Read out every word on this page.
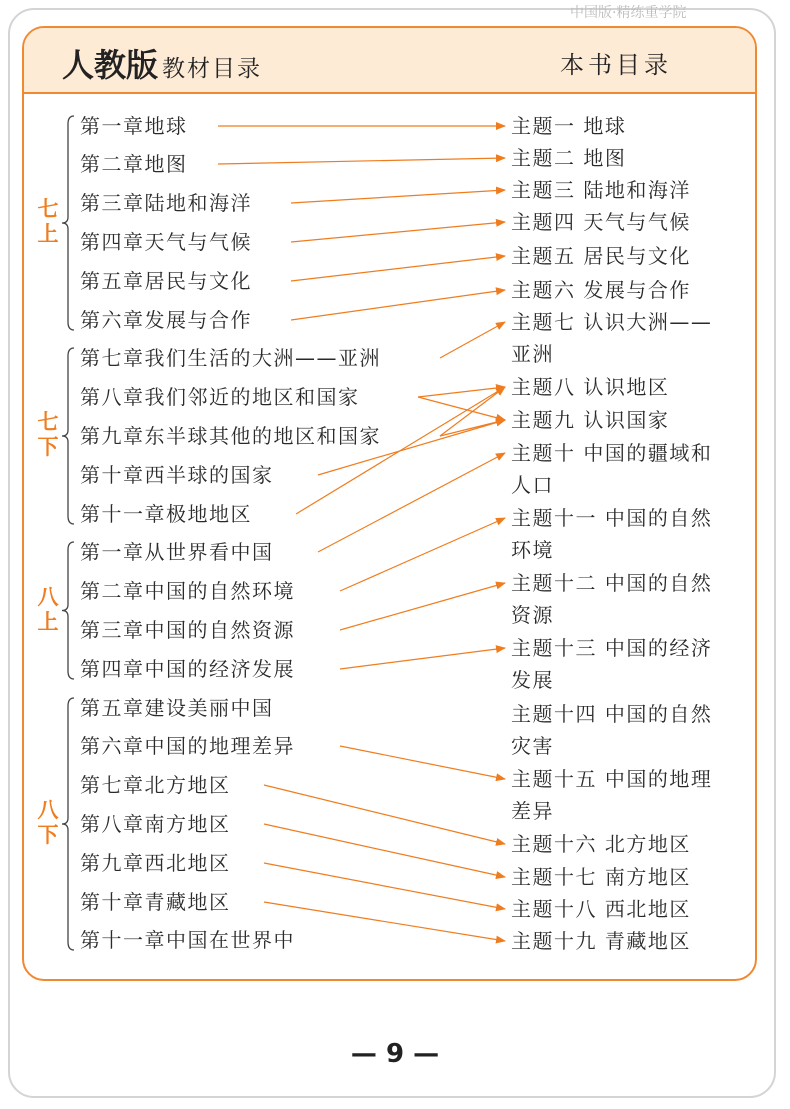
中国版·精练重学院
人教版 教材目录	本书目录
七
上
七
下
八
上
八
下
第一章地球
第二章地图
第三章陆地和海洋
第四章天气与气候
第五章居民与文化
第六章发展与合作
第七章我们生活的大洲——亚洲
第八章我们邻近的地区和国家
第九章东半球其他的地区和国家
第十章西半球的国家
第十一章极地地区
第一章从世界看中国
第二章中国的自然环境
第三章中国的自然资源
第四章中国的经济发展
第五章建设美丽中国
第六章中国的地理差异
第七章北方地区
第八章南方地区
第九章西北地区
第十章青藏地区
第十一章中国在世界中
主题一 地球
主题二 地图
主题三 陆地和海洋
主题四 天气与气候
主题五 居民与文化
主题六 发展与合作
主题七 认识大洲——
亚洲
主题八 认识地区
主题九 认识国家
主题十 中国的疆域和
人口
主题十一 中国的自然
环境
主题十二 中国的自然
资源
主题十三 中国的经济
发展
主题十四 中国的自然
灾害
主题十五 中国的地理
差异
主题十六 北方地区
主题十七 南方地区
主题十八 西北地区
主题十九 青藏地区
— 9 —
